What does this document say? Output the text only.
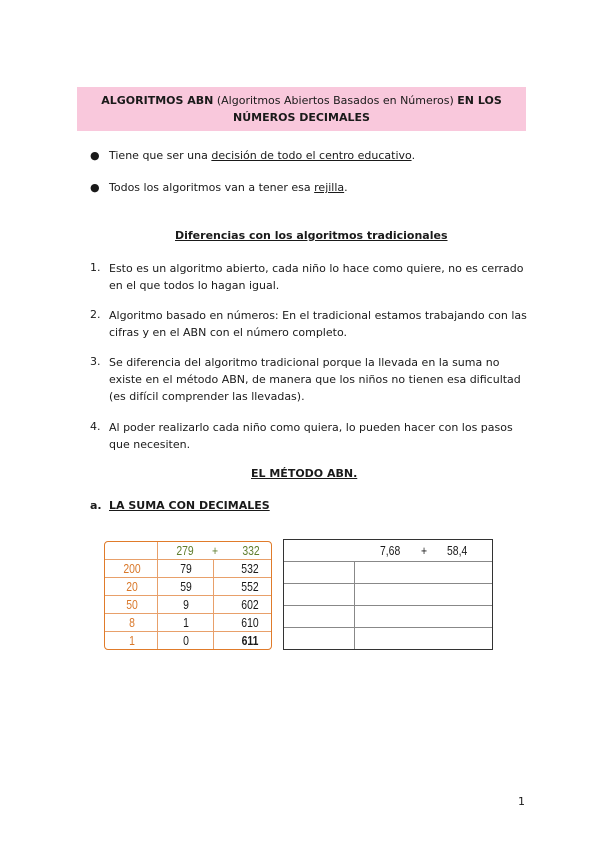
ALGORITMOS ABN (Algoritmos Abiertos Basados en Números) EN LOS
NÚMEROS DECIMALES
● Tiene que ser una decisión de todo el centro educativo.
● Todos los algoritmos van a tener esa rejilla.
Diferencias con los algoritmos tradicionales
1. Esto es un algoritmo abierto, cada niño lo hace como quiere, no es cerrado en el que todos lo hagan igual.
2. Algoritmo basado en números: En el tradicional estamos trabajando con las cifras y en el ABN con el número completo.
3. Se diferencia del algoritmo tradicional porque la llevada en la suma no existe en el método ABN, de manera que los niños no tienen esa dificultad (es difícil comprender las llevadas).
4. Al poder realizarlo cada niño como quiera, lo pueden hacer con los pasos que necesiten.
EL MÉTODO ABN.
a. LA SUMA CON DECIMALES
279 + 332
200	79	532
20	59	552
50	9	602
8	1	610
1	0	611
7,68 + 58,4
1
